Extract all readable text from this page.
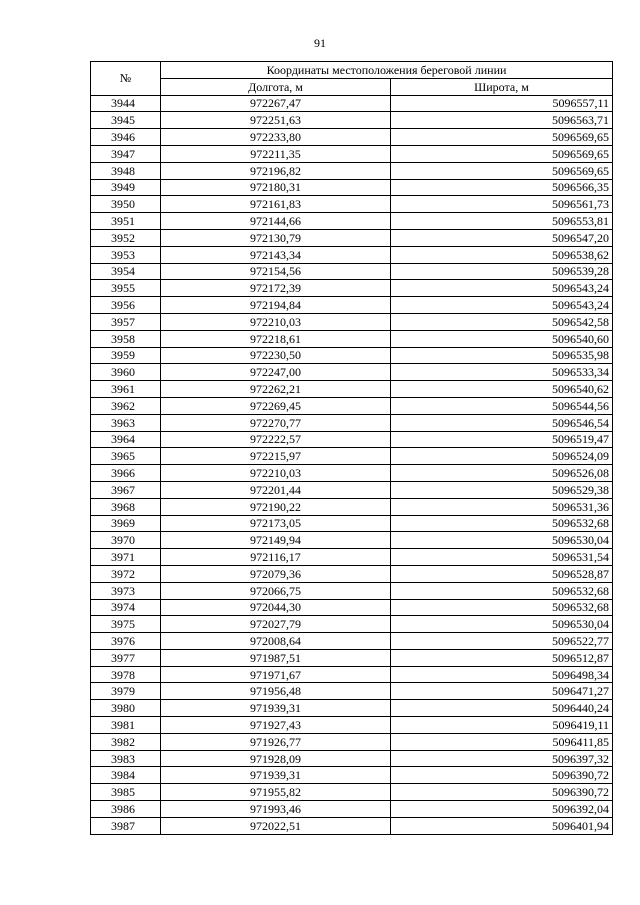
91
№	Координаты местоположения береговой линии	
	Долгота, м	Широта, м
3944	972267,47	5096557,11
3945	972251,63	5096563,71
3946	972233,80	5096569,65
3947	972211,35	5096569,65
3948	972196,82	5096569,65
3949	972180,31	5096566,35
3950	972161,83	5096561,73
3951	972144,66	5096553,81
3952	972130,79	5096547,20
3953	972143,34	5096538,62
3954	972154,56	5096539,28
3955	972172,39	5096543,24
3956	972194,84	5096543,24
3957	972210,03	5096542,58
3958	972218,61	5096540,60
3959	972230,50	5096535,98
3960	972247,00	5096533,34
3961	972262,21	5096540,62
3962	972269,45	5096544,56
3963	972270,77	5096546,54
3964	972222,57	5096519,47
3965	972215,97	5096524,09
3966	972210,03	5096526,08
3967	972201,44	5096529,38
3968	972190,22	5096531,36
3969	972173,05	5096532,68
3970	972149,94	5096530,04
3971	972116,17	5096531,54
3972	972079,36	5096528,87
3973	972066,75	5096532,68
3974	972044,30	5096532,68
3975	972027,79	5096530,04
3976	972008,64	5096522,77
3977	971987,51	5096512,87
3978	971971,67	5096498,34
3979	971956,48	5096471,27
3980	971939,31	5096440,24
3981	971927,43	5096419,11
3982	971926,77	5096411,85
3983	971928,09	5096397,32
3984	971939,31	5096390,72
3985	971955,82	5096390,72
3986	971993,46	5096392,04
3987	972022,51	5096401,94
